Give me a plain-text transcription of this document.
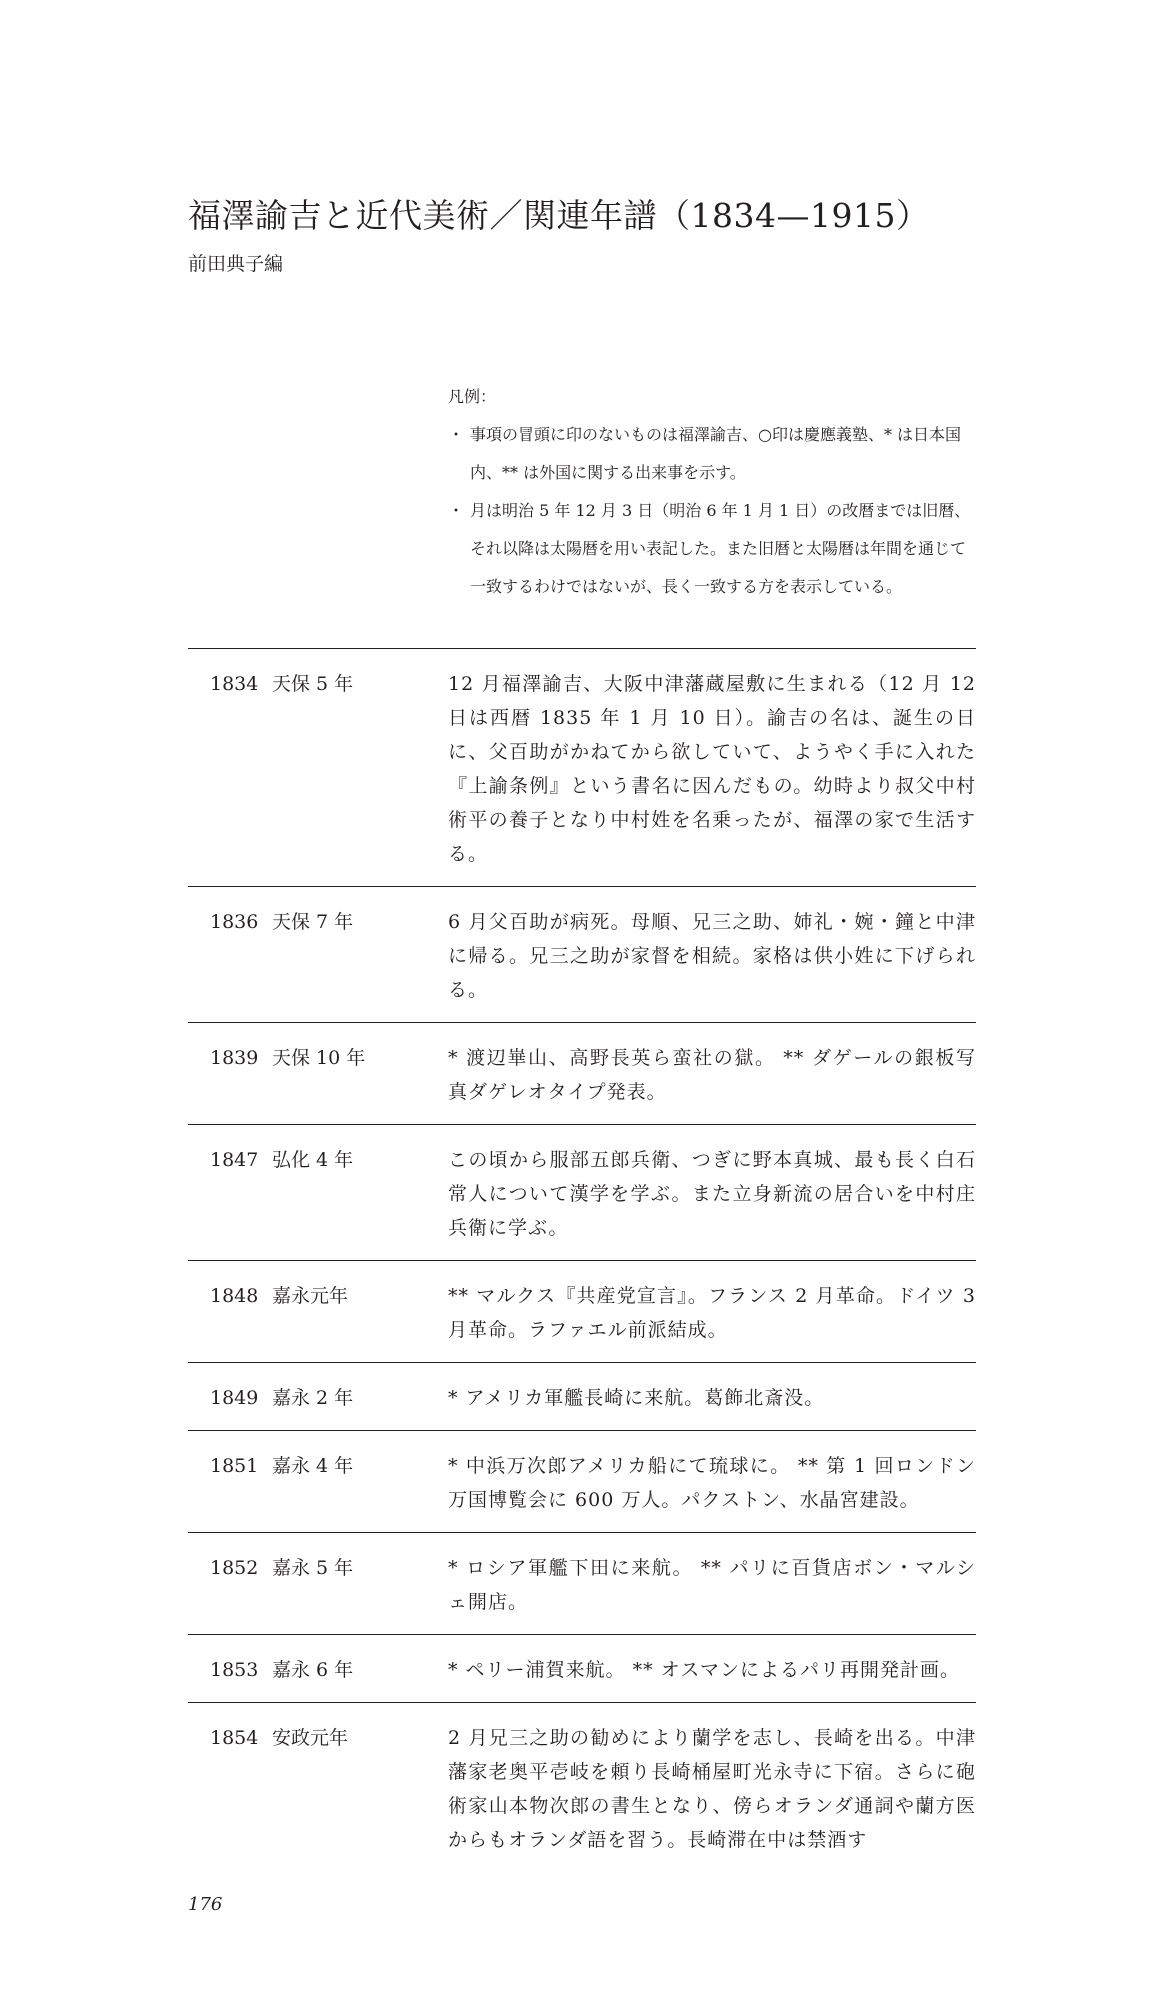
福澤諭吉と近代美術／関連年譜（1834—1915）
前田典子編
凡例：
・ 事項の冒頭に印のないものは福澤諭吉、○印は慶應義塾、* は日本国内、** は外国に関する出来事を示す。
・ 月は明治 5 年 12 月 3 日（明治 6 年 1 月 1 日）の改暦までは旧暦、それ以降は太陽暦を用い表記した。また旧暦と太陽暦は年間を通じて一致するわけではないが、長く一致する方を表示している。
1834 天保 5 年	12 月福澤諭吉、大阪中津藩蔵屋敷に生まれる（12 月 12 日は西暦 1835 年 1 月 10 日）。諭吉の名は、誕生の日に、父百助がかねてから欲していて、ようやく手に入れた『上諭条例』という書名に因んだもの。幼時より叔父中村術平の養子となり中村姓を名乗ったが、福澤の家で生活する。
1836 天保 7 年	6 月父百助が病死。母順、兄三之助、姉礼・婉・鐘と中津に帰る。兄三之助が家督を相続。家格は供小姓に下げられる。
1839 天保 10 年	* 渡辺崋山、高野長英ら蛮社の獄。 ** ダゲールの銀板写真ダゲレオタイプ発表。
1847 弘化 4 年	この頃から服部五郎兵衛、つぎに野本真城、最も長く白石常人について漢学を学ぶ。また立身新流の居合いを中村庄兵衛に学ぶ。
1848 嘉永元年	** マルクス『共産党宣言』。フランス 2 月革命。ドイツ 3 月革命。ラファエル前派結成。
1849 嘉永 2 年	* アメリカ軍艦長崎に来航。葛飾北斎没。
1851 嘉永 4 年	* 中浜万次郎アメリカ船にて琉球に。 ** 第 1 回ロンドン万国博覧会に 600 万人。パクストン、水晶宮建設。
1852 嘉永 5 年	* ロシア軍艦下田に来航。 ** パリに百貨店ボン・マルシェ開店。
1853 嘉永 6 年	* ペリー浦賀来航。 ** オスマンによるパリ再開発計画。
1854 安政元年	2 月兄三之助の勧めにより蘭学を志し、長崎を出る。中津藩家老奥平壱岐を頼り長崎桶屋町光永寺に下宿。さらに砲術家山本物次郎の書生となり、傍らオランダ通詞や蘭方医からもオランダ語を習う。長崎滞在中は禁酒す
176
